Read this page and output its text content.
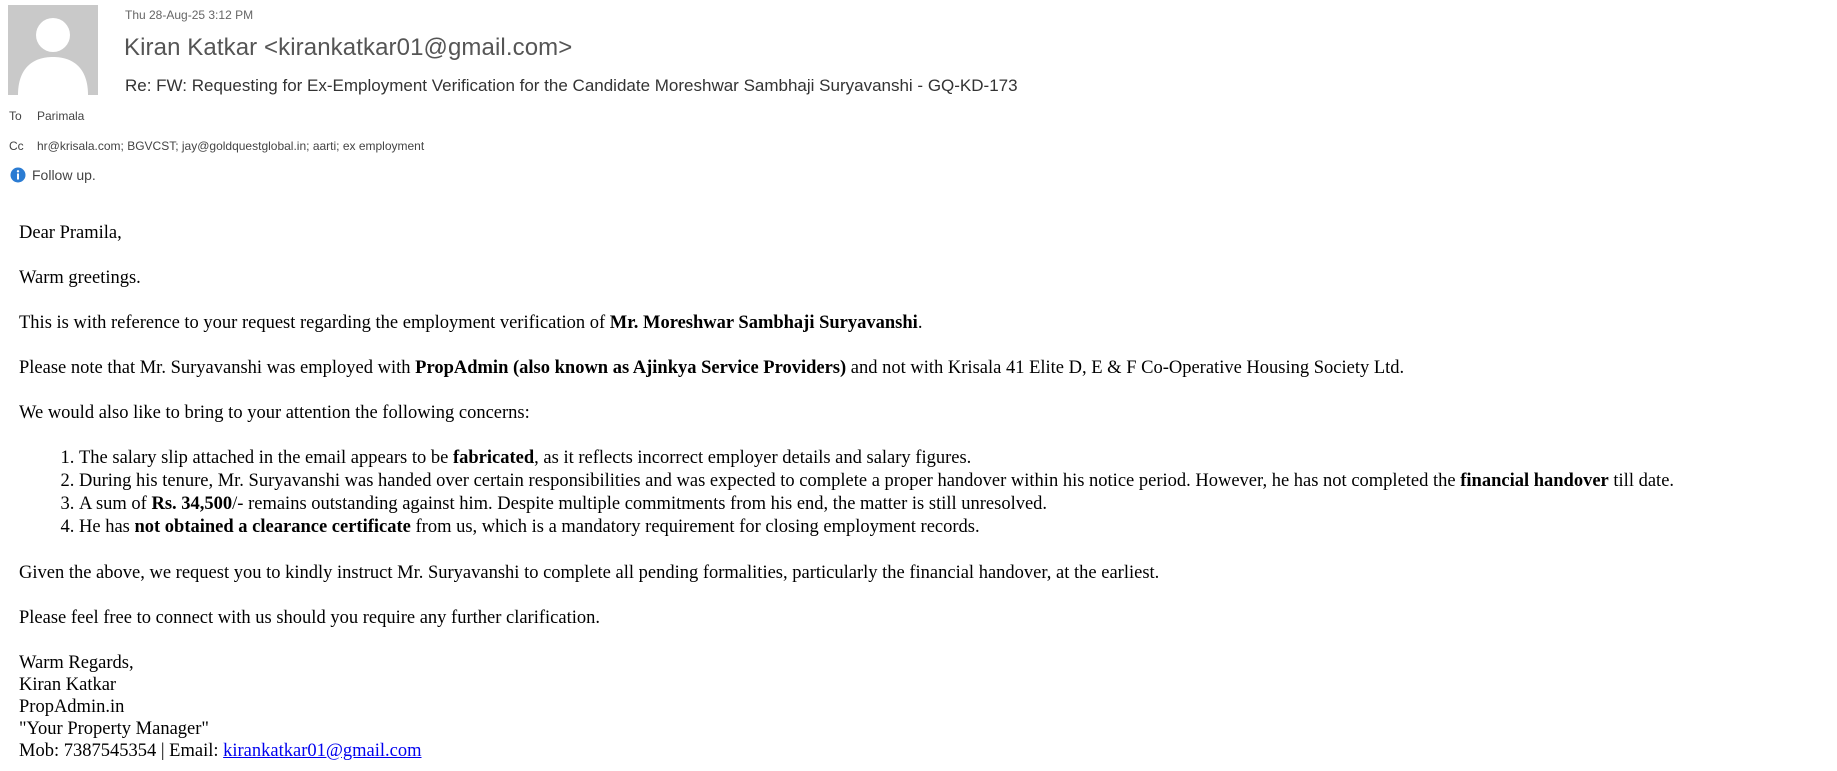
Thu 28-Aug-25 3:12 PM
Kiran Katkar <kirankatkar01@gmail.com>
Re: FW: Requesting for Ex-Employment Verification for the Candidate Moreshwar Sambhaji Suryavanshi - GQ-KD-173
To Parimala
Cc hr@krisala.com; BGVCST; jay@goldquestglobal.in; aarti; ex employment
Follow up.

Dear Pramila,

Warm greetings.

This is with reference to your request regarding the employment verification of Mr. Moreshwar Sambhaji Suryavanshi.

Please note that Mr. Suryavanshi was employed with PropAdmin (also known as Ajinkya Service Providers) and not with Krisala 41 Elite D, E & F Co-Operative Housing Society Ltd.

We would also like to bring to your attention the following concerns:

1. The salary slip attached in the email appears to be fabricated, as it reflects incorrect employer details and salary figures.
2. During his tenure, Mr. Suryavanshi was handed over certain responsibilities and was expected to complete a proper handover within his notice period. However, he has not completed the financial handover till date.
3. A sum of Rs. 34,500/- remains outstanding against him. Despite multiple commitments from his end, the matter is still unresolved.
4. He has not obtained a clearance certificate from us, which is a mandatory requirement for closing employment records.

Given the above, we request you to kindly instruct Mr. Suryavanshi to complete all pending formalities, particularly the financial handover, at the earliest.

Please feel free to connect with us should you require any further clarification.

Warm Regards,
Kiran Katkar
PropAdmin.in
"Your Property Manager"
Mob: 7387545354 | Email: kirankatkar01@gmail.com
